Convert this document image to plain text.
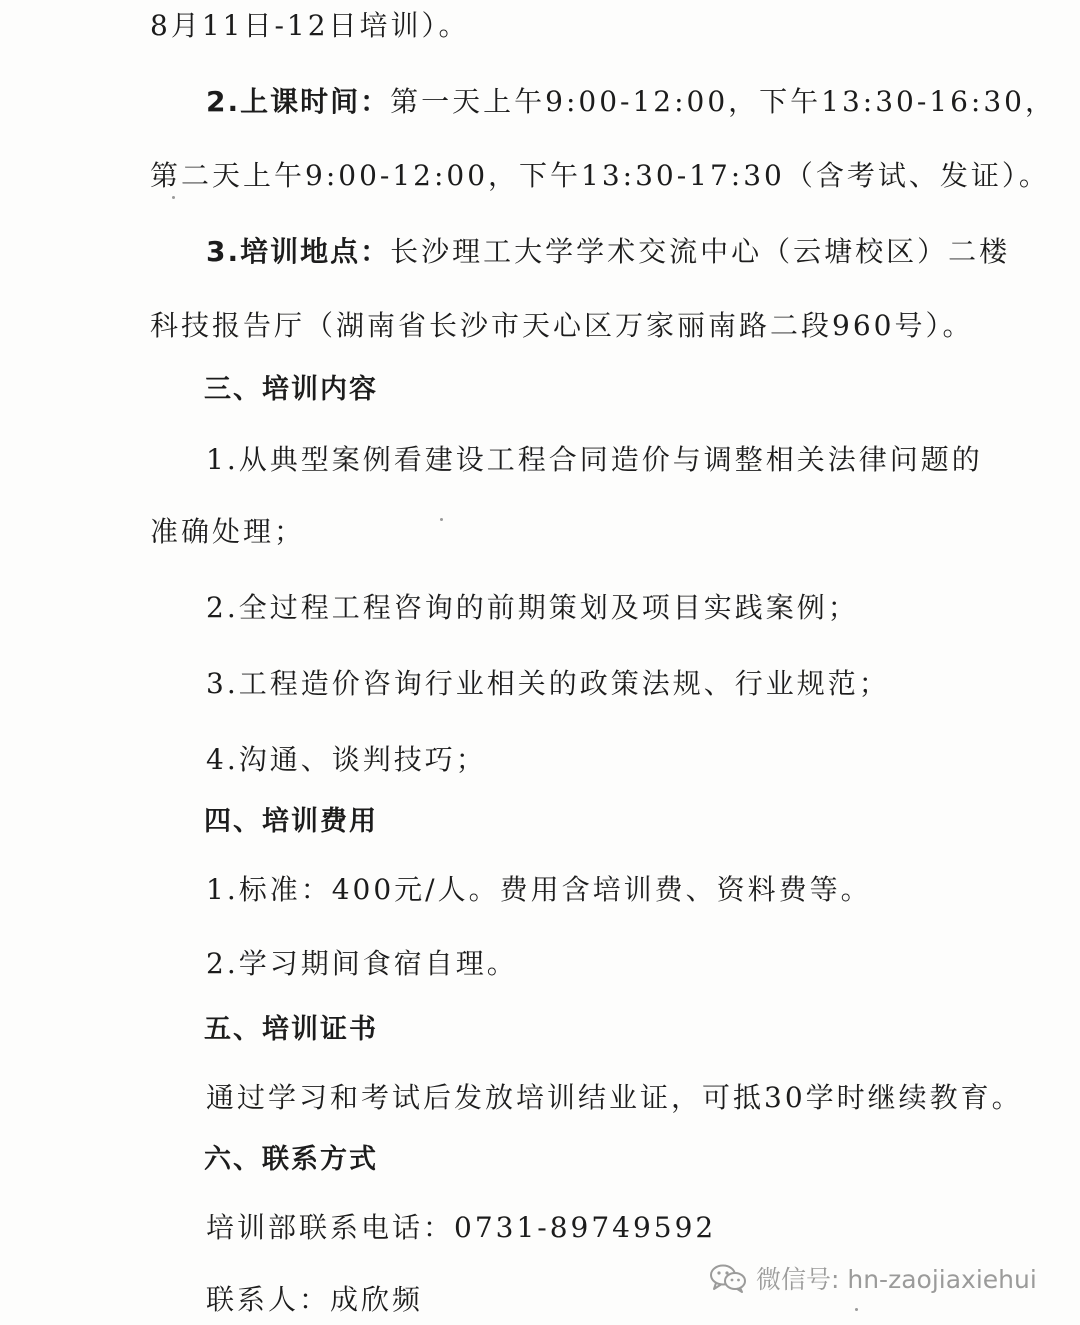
8月11日-12日培训）。

2.上课时间：第一天上午9:00-12:00，下午13:30-16:30，

第二天上午9:00-12:00，下午13:30-17:30（含考试、发证）。

3.培训地点：长沙理工大学学术交流中心（云塘校区）二楼

科技报告厅（湖南省长沙市天心区万家丽南路二段960号）。

三、培训内容

1.从典型案例看建设工程合同造价与调整相关法律问题的

准确处理；

2.全过程工程咨询的前期策划及项目实践案例；

3.工程造价咨询行业相关的政策法规、行业规范；

4.沟通、谈判技巧；

四、培训费用

1.标准：400元/人。费用含培训费、资料费等。

2.学习期间食宿自理。

五、培训证书

通过学习和考试后发放培训结业证，可抵30学时继续教育。

六、联系方式

培训部联系电话：0731-89749592

联系人：成欣频

微信号: hn-zaojiaxiehui
